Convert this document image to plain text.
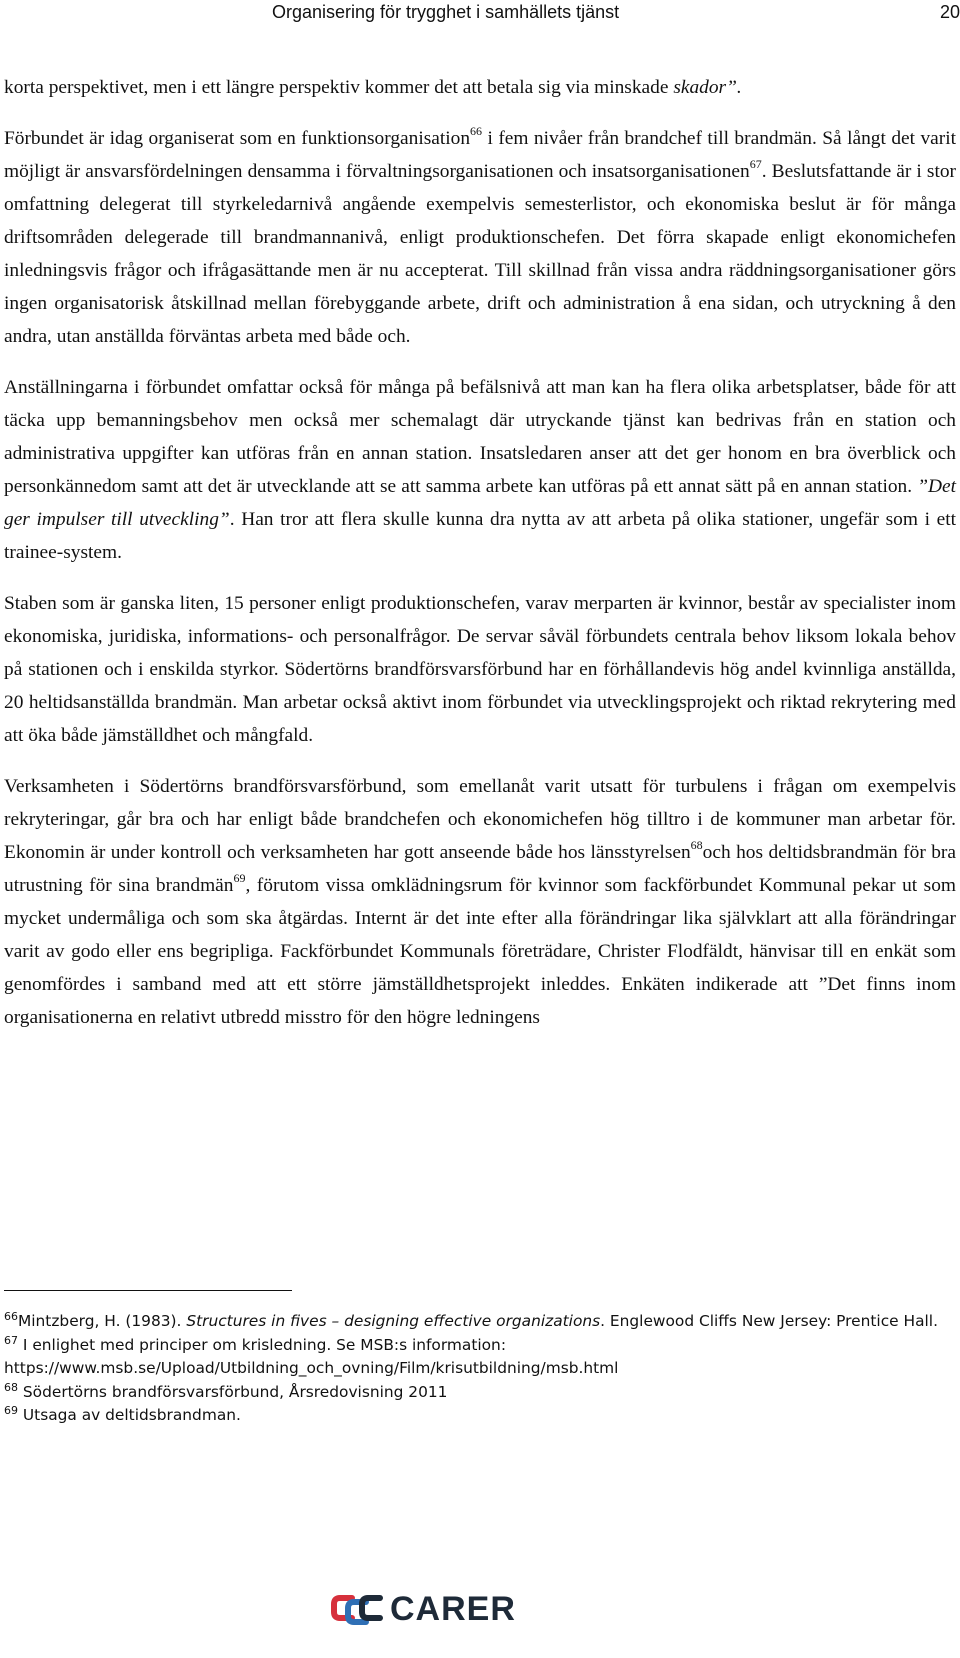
Organisering för trygghet i samhällets tjänst	20

korta perspektivet, men i ett längre perspektiv kommer det att betala sig via minskade skador”.

Förbundet är idag organiserat som en funktionsorganisation$^{66}$ i fem nivåer från brandchef till brandmän. Så långt det varit möjligt är ansvarsfördelningen densamma i förvaltningsorganisationen och insatsorganisationen$^{67}$. Beslutsfattande är i stor omfattning delegerat till styrkeledarnivå angående exempelvis semesterlistor, och ekonomiska beslut är för många driftsområden delegerade till brandmannanivå, enligt produktionschefen. Det förra skapade enligt ekonomichefen inledningsvis frågor och ifrågasättande men är nu accepterat. Till skillnad från vissa andra räddningsorganisationer görs ingen organisatorisk åtskillnad mellan förebyggande arbete, drift och administration å ena sidan, och utryckning å den andra, utan anställda förväntas arbeta med både och.

Anställningarna i förbundet omfattar också för många på befälsnivå att man kan ha flera olika arbetsplatser, både för att täcka upp bemanningsbehov men också mer schemalagt där utryckande tjänst kan bedrivas från en station och administrativa uppgifter kan utföras från en annan station. Insatsledaren anser att det ger honom en bra överblick och personkännedom samt att det är utvecklande att se att samma arbete kan utföras på ett annat sätt på en annan station. ”Det ger impulser till utveckling”. Han tror att flera skulle kunna dra nytta av att arbeta på olika stationer, ungefär som i ett trainee-system.

Staben som är ganska liten, 15 personer enligt produktionschefen, varav merparten är kvinnor, består av specialister inom ekonomiska, juridiska, informations- och personalfrågor. De servar såväl förbundets centrala behov liksom lokala behov på stationen och i enskilda styrkor. Södertörns brandförsvarsförbund har en förhållandevis hög andel kvinnliga anställda, 20 heltidsanställda brandmän. Man arbetar också aktivt inom förbundet via utvecklingsprojekt och riktad rekrytering med att öka både jämställdhet och mångfald.

Verksamheten i Södertörns brandförsvarsförbund, som emellanåt varit utsatt för turbulens i frågan om exempelvis rekryteringar, går bra och har enligt både brandchefen och ekonomichefen hög tilltro i de kommuner man arbetar för. Ekonomin är under kontroll och verksamheten har gott anseende både hos länsstyrelsen$^{68}$och hos deltidsbrandmän för bra utrustning för sina brandmän$^{69}$, förutom vissa omklädningsrum för kvinnor som fackförbundet Kommunal pekar ut som mycket undermåliga och som ska åtgärdas. Internt är det inte efter alla förändringar lika självklart att alla förändringar varit av godo eller ens begripliga. Fackförbundet Kommunals företrädare, Christer Flodfäldt, hänvisar till en enkät som genomfördes i samband med att ett större jämställdhetsprojekt inleddes. Enkäten indikerade att ”Det finns inom organisationerna en relativt utbredd misstro för den högre ledningens

$^{66}$Mintzberg, H. (1983). Structures in fives – designing effective organizations. Englewood Cliffs New Jersey: Prentice Hall.

$^{67}$ I enlighet med principer om krisledning. Se MSB:s information: https://www.msb.se/Upload/Utbildning_och_ovning/Film/krisutbildning/msb.html

$^{68}$ Södertörns brandförsvarsförbund, Årsredovisning 2011

$^{69}$ Utsaga av deltidsbrandman.

CARER
